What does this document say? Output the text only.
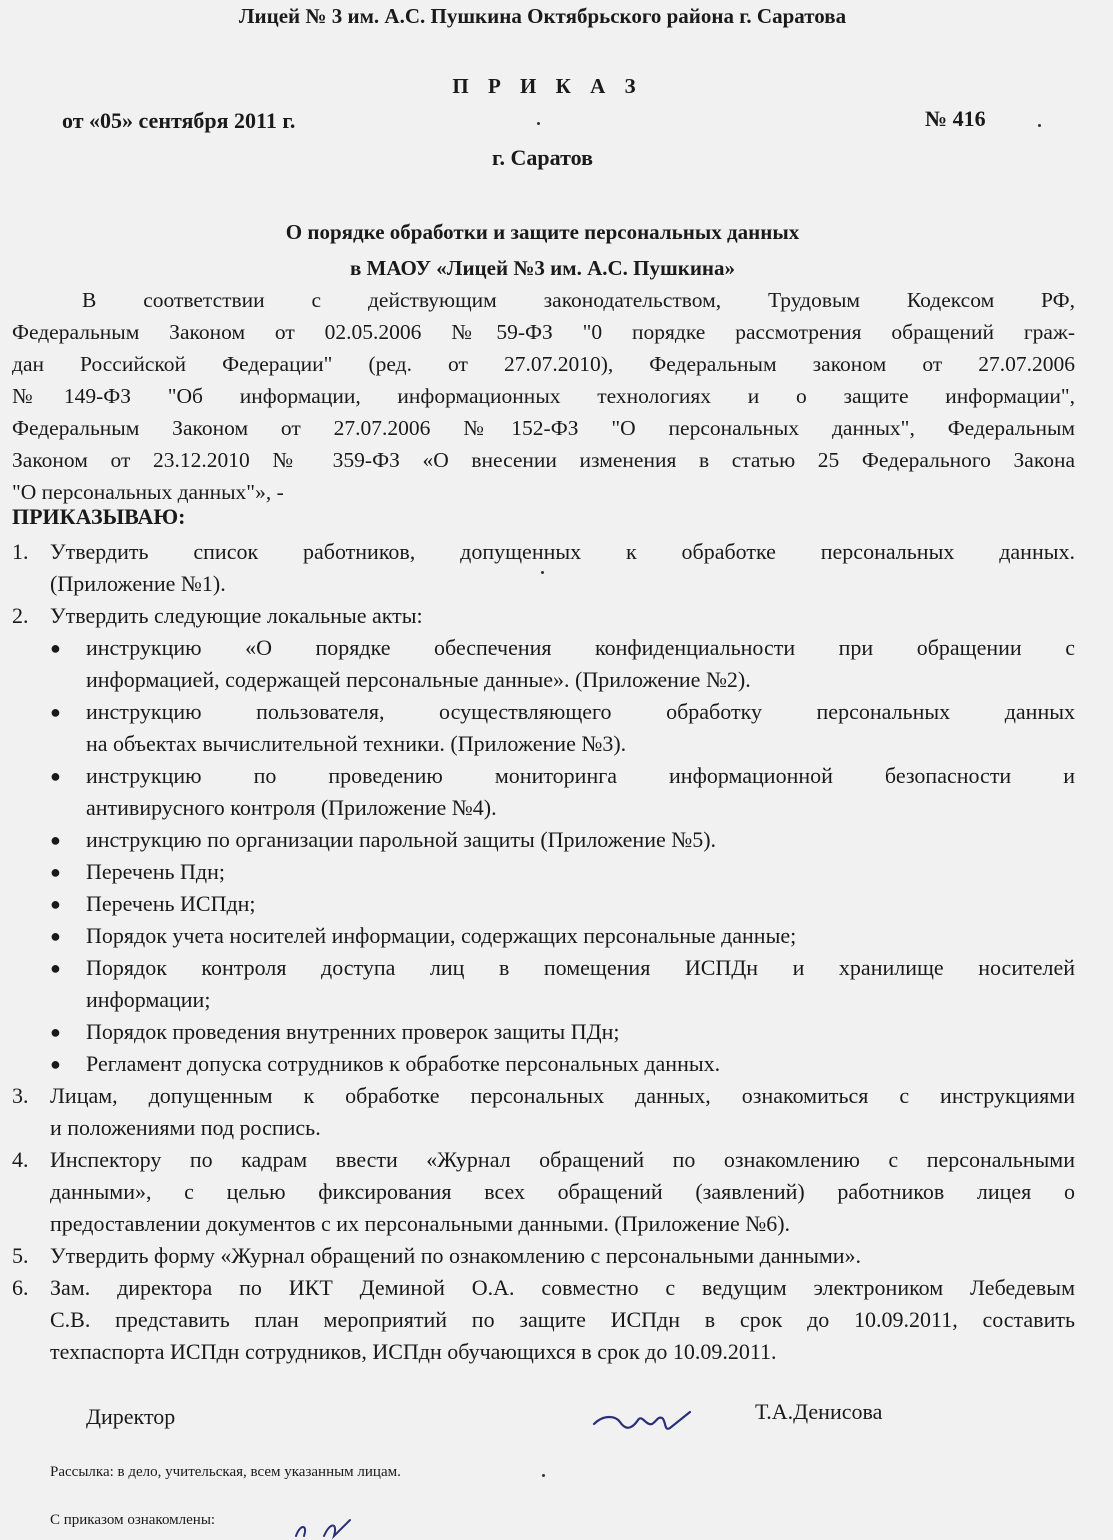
Лицей № 3 им. А.С. Пушкина Октябрьского района г. Саратова
П Р И К А З
от «05» сентября 2011 г.	№ 416
г. Саратов
О порядке обработки и защите персональных данных
в МАОУ «Лицей №3 им. А.С. Пушкина»
В соответствии с действующим законодательством, Трудовым Кодексом РФ,
Федеральным Законом от 02.05.2006 №59-ФЗ "0 порядке рассмотрения обращений граж-
дан Российской Федерации" (ред. от 27.07.2010), Федеральным законом от 27.07.2006
№149-ФЗ "Об информации, информационных технологиях и о защите информации",
Федеральным Законом от 27.07.2006 №152-ФЗ "О персональных данных", Федеральным
Законом от 23.12.2010 № 359-ФЗ «О внесении изменения в статью 25 Федерального Закона
"О персональных данных"», -
ПРИКАЗЫВАЮ:
1. Утвердить список работников, допущенных к обработке персональных данных.
(Приложение №1).
2. Утвердить следующие локальные акты:
● инструкцию «О порядке обеспечения конфиденциальности при обращении с
информацией, содержащей персональные данные». (Приложение №2).
● инструкцию пользователя, осуществляющего обработку персональных данных
на объектах вычислительной техники. (Приложение №3).
● инструкцию по проведению мониторинга информационной безопасности и
антивирусного контроля (Приложение №4).
● инструкцию по организации парольной защиты (Приложение №5).
● Перечень Пдн;
● Перечень ИСПдн;
● Порядок учета носителей информации, содержащих персональные данные;
● Порядок контроля доступа лиц в помещения ИСПДн и хранилище носителей
информации;
● Порядок проведения внутренних проверок защиты ПДн;
● Регламент допуска сотрудников к обработке персональных данных.
3. Лицам, допущенным к обработке персональных данных, ознакомиться с инструкциями
и положениями под роспись.
4. Инспектору по кадрам ввести «Журнал обращений по ознакомлению с персональными
данными», с целью фиксирования всех обращений (заявлений) работников лицея о
предоставлении документов с их персональными данными. (Приложение №6).
5. Утвердить форму «Журнал обращений по ознакомлению с персональными данными».
6. Зам. директора по ИКТ Деминой О.А. совместно с ведущим электроником Лебедевым
С.В. представить план мероприятий по защите ИСПдн в срок до 10.09.2011, составить
техпаспорта ИСПдн сотрудников, ИСПдн обучающихся в срок до 10.09.2011.
Директор	Т.А.Денисова
Рассылка: в дело, учительская, всем указанным лицам.
С приказом ознакомлены:
